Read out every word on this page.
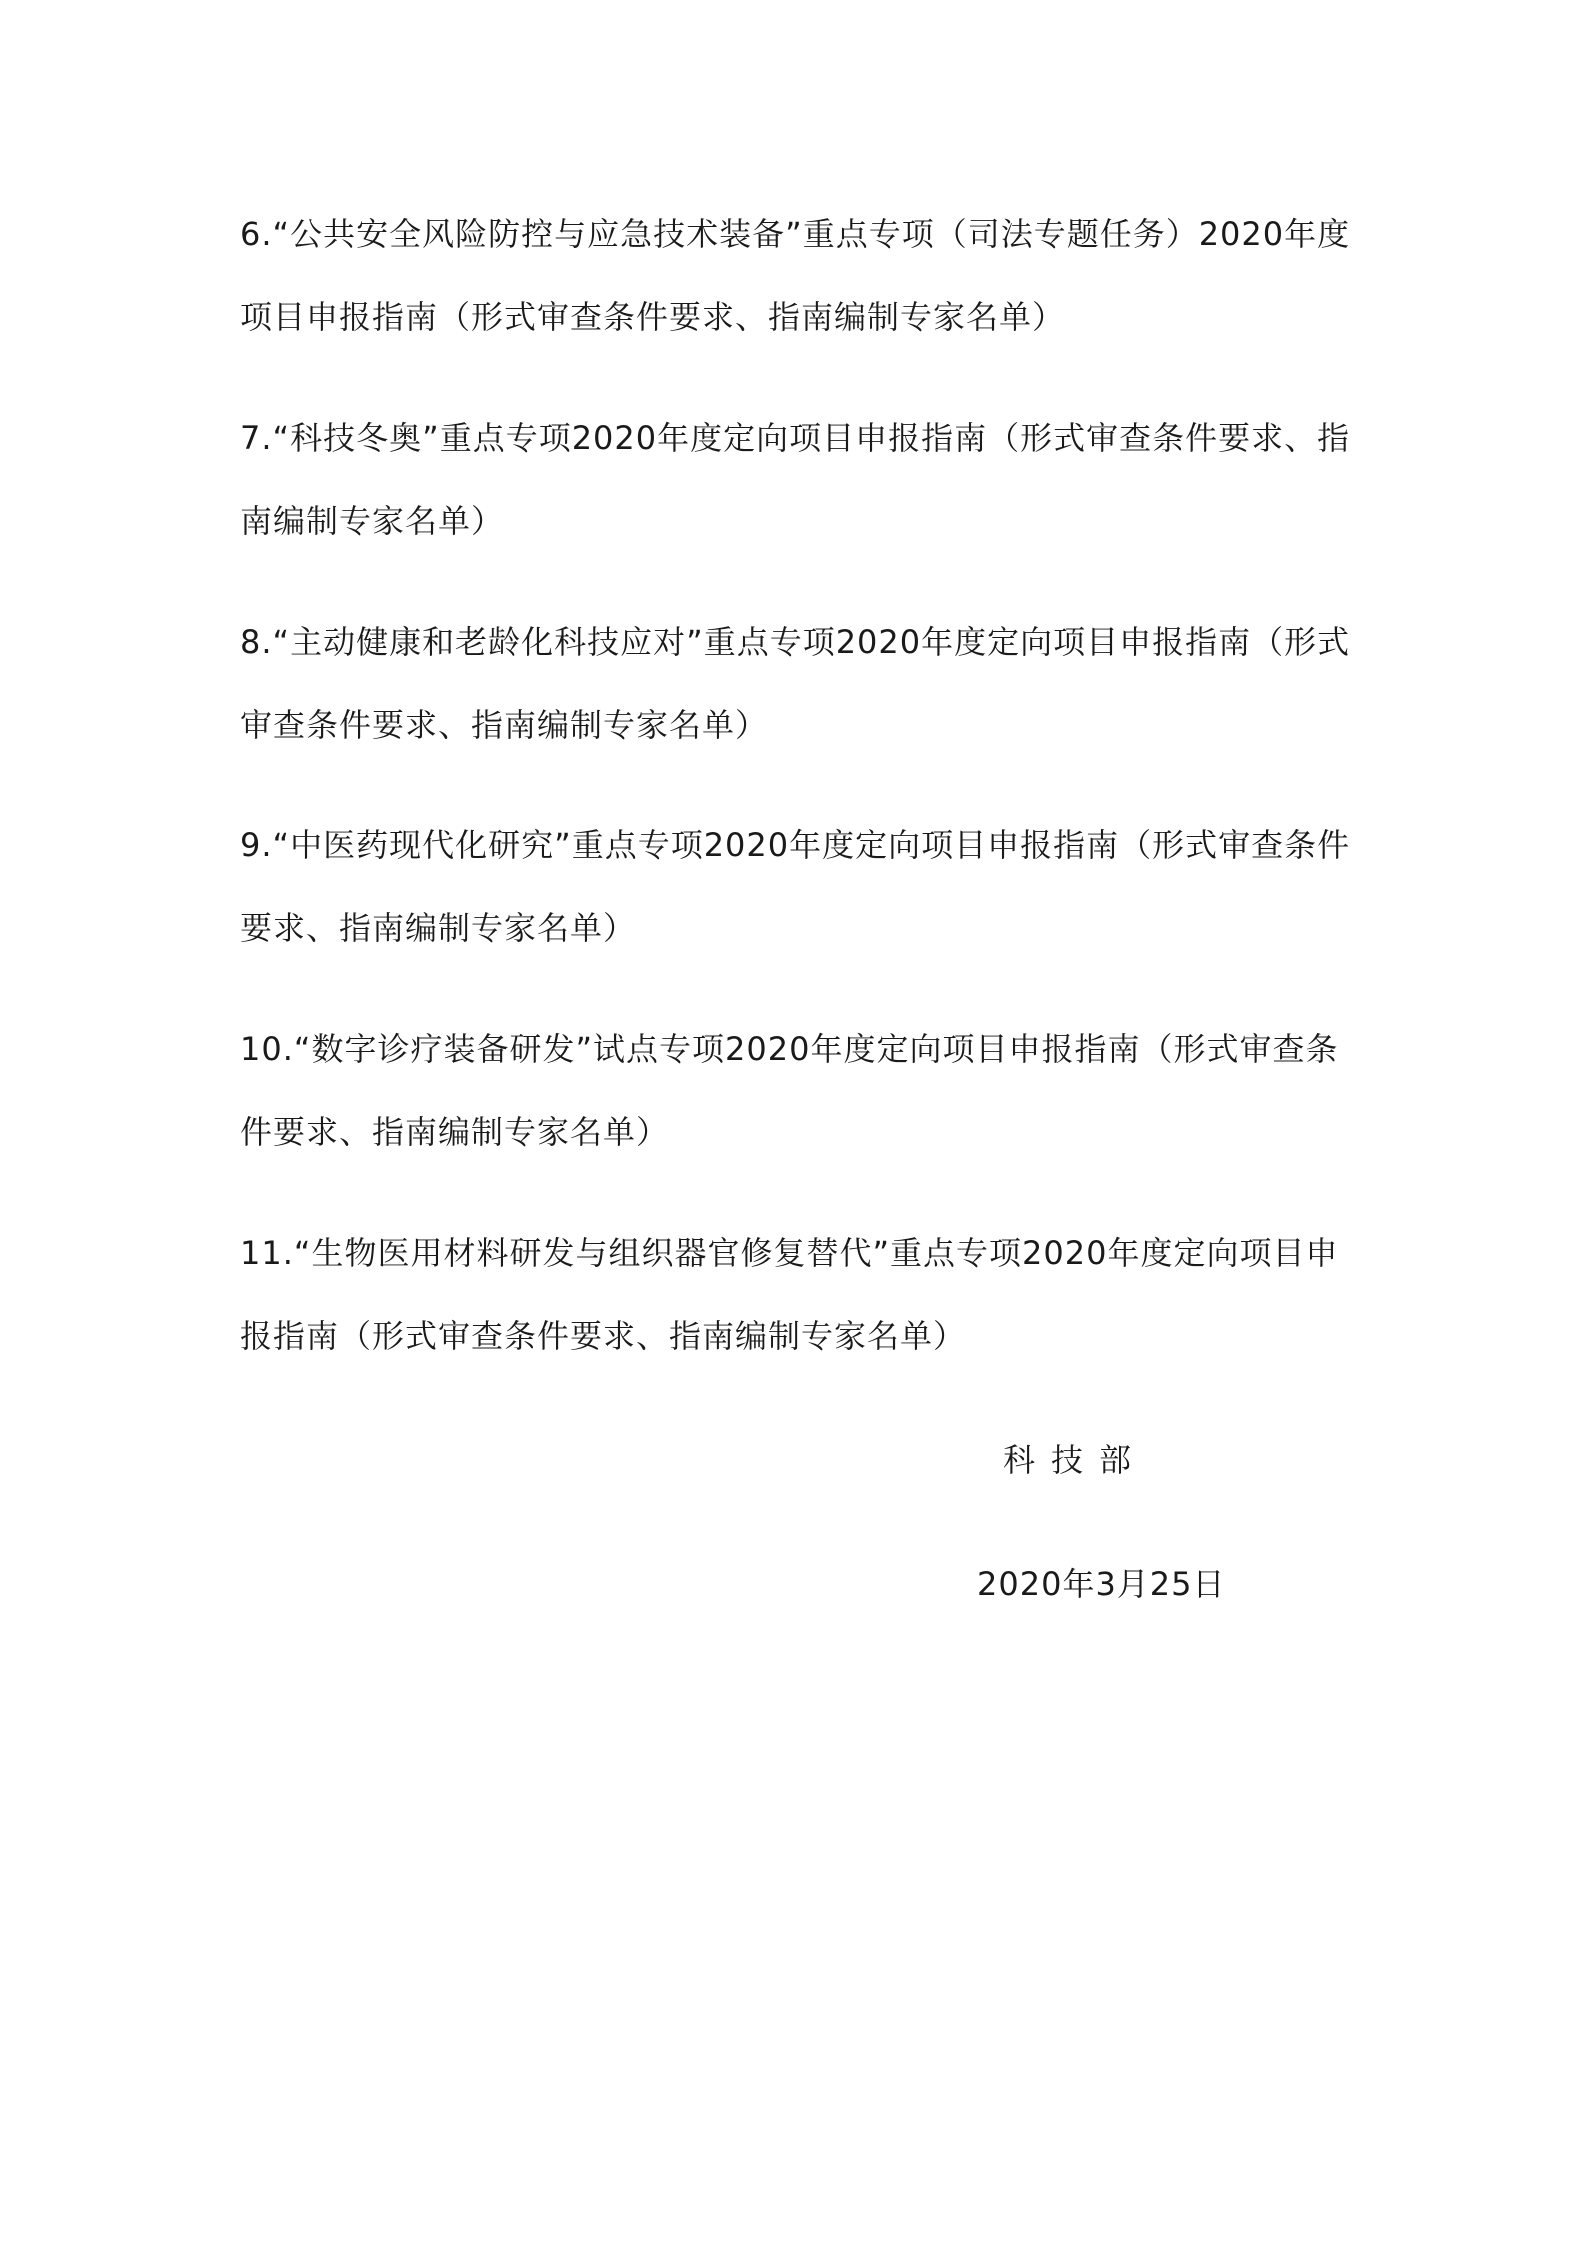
6.“公共安全风险防控与应急技术装备”重点专项（司法专题任务）2020年度项目申报指南（形式审查条件要求、指南编制专家名单）

7.“科技冬奥”重点专项2020年度定向项目申报指南（形式审查条件要求、指南编制专家名单）

8.“主动健康和老龄化科技应对”重点专项2020年度定向项目申报指南（形式审查条件要求、指南编制专家名单）

9.“中医药现代化研究”重点专项2020年度定向项目申报指南（形式审查条件要求、指南编制专家名单）

10.“数字诊疗装备研发”试点专项2020年度定向项目申报指南（形式审查条件要求、指南编制专家名单）

11.“生物医用材料研发与组织器官修复替代”重点专项2020年度定向项目申报指南（形式审查条件要求、指南编制专家名单）

科技部

2020年3月25日
